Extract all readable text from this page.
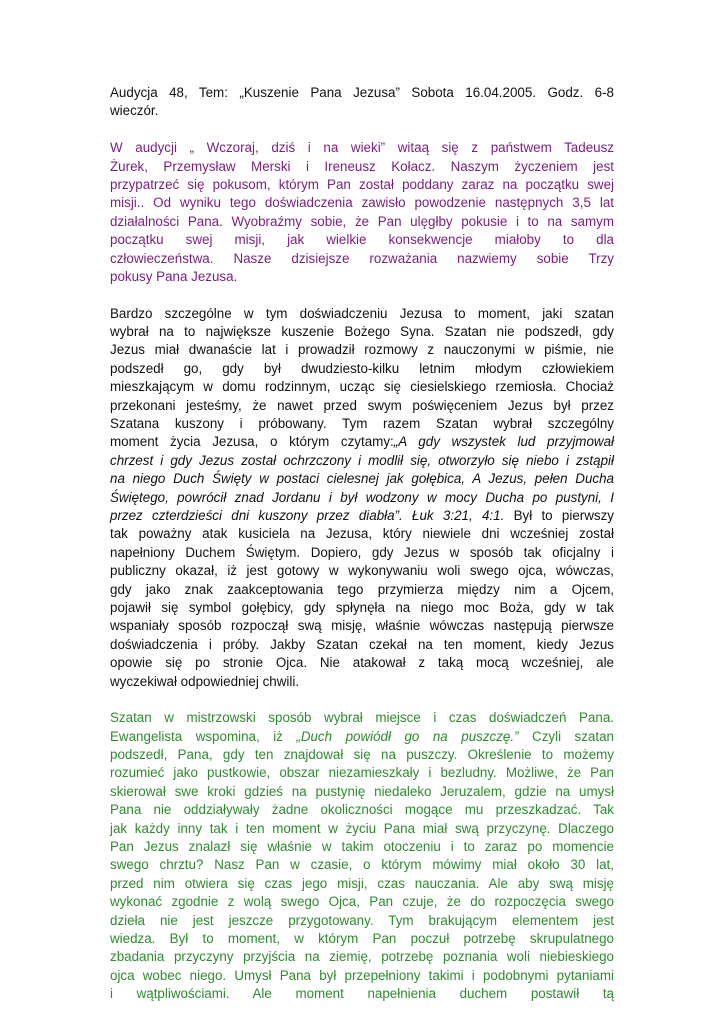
Audycja 48, Tem: „Kuszenie Pana Jezusa” Sobota 16.04.2005. Godz. 6-8
wieczór.
W audycji „ Wczoraj, dziś i na wieki” witaą się z państwem Tadeusz
Żurek, Przemysław Merski i Ireneusz Kołacz. Naszym życzeniem jest
przypatrzeć się pokusom, którym Pan został poddany zaraz na początku swej
misji.. Od wyniku tego doświadczenia zawisło powodzenie następnych 3,5 lat
działalności Pana. Wyobraźmy sobie, że Pan ulęgłby pokusie i to na samym
początku swej misji, jak wielkie konsekwencje miałoby to dla
człowieczeństwa. Nasze dzisiejsze rozważania nazwiemy sobie Trzy
pokusy Pana Jezusa.
Bardzo szczególne w tym doświadczeniu Jezusa to moment, jaki szatan
wybrał na to największe kuszenie Bożego Syna. Szatan nie podszedł, gdy
Jezus miał dwanaście lat i prowadził rozmowy z nauczonymi w piśmie, nie
podszedł go, gdy był dwudziesto-kilku letnim młodym człowiekiem
mieszkającym w domu rodzinnym, ucząc się ciesielskiego rzemiosła. Chociaż
przekonani jesteśmy, że nawet przed swym poświęceniem Jezus był przez
Szatana kuszony i próbowany. Tym razem Szatan wybrał szczególny
moment życia Jezusa, o którym czytamy:„A gdy wszystek lud przyjmował
chrzest i gdy Jezus został ochrzczony i modlił się, otworzyło się niebo i zstąpił
na niego Duch Święty w postaci cielesnej jak gołębica, A Jezus, pełen Ducha
Świętego, powrócił znad Jordanu i był wodzony w mocy Ducha po pustyni, I
przez czterdzieści dni kuszony przez diabła”. Łuk 3:21, 4:1. Był to pierwszy
tak poważny atak kusiciela na Jezusa, który niewiele dni wcześniej został
napełniony Duchem Świętym. Dopiero, gdy Jezus w sposób tak oficjalny i
publiczny okazał, iż jest gotowy w wykonywaniu woli swego ojca, wówczas,
gdy jako znak zaakceptowania tego przymierza między nim a Ojcem,
pojawił się symbol gołębicy, gdy spłynęła na niego moc Boża, gdy w tak
wspaniały sposób rozpoczął swą misję, właśnie wówczas następują pierwsze
doświadczenia i próby. Jakby Szatan czekał na ten moment, kiedy Jezus
opowie się po stronie Ojca. Nie atakował z taką mocą wcześniej, ale
wyczekiwał odpowiedniej chwili.
Szatan w mistrzowski sposób wybrał miejsce i czas doświadczeń Pana.
Ewangelista wspomina, iż „Duch powiódł go na puszczę.” Czyli szatan
podszedł, Pana, gdy ten znajdował się na puszczy. Określenie to możemy
rozumieć jako pustkowie, obszar niezamieszkały i bezludny. Możliwe, że Pan
skierował swe kroki gdzieś na pustynię niedaleko Jeruzalem, gdzie na umysł
Pana nie oddziaływały żadne okoliczności mogące mu przeszkadzać. Tak
jak każdy inny tak i ten moment w życiu Pana miał swą przyczynę. Dlaczego
Pan Jezus znalazł się właśnie w takim otoczeniu i to zaraz po momencie
swego chrztu? Nasz Pan w czasie, o którym mówimy miał około 30 lat,
przed nim otwiera się czas jego misji, czas nauczania. Ale aby swą misję
wykonać zgodnie z wolą swego Ojca, Pan czuje, że do rozpoczęcia swego
dzieła nie jest jeszcze przygotowany. Tym brakującym elementem jest
wiedza. Był to moment, w którym Pan poczuł potrzebę skrupulatnego
zbadania przyczyny przyjścia na ziemię, potrzebę poznania woli niebieskiego
ojca wobec niego. Umysł Pana był przepełniony takimi i podobnymi pytaniami
i wątpliwościami. Ale moment napełnienia duchem postawił tą
